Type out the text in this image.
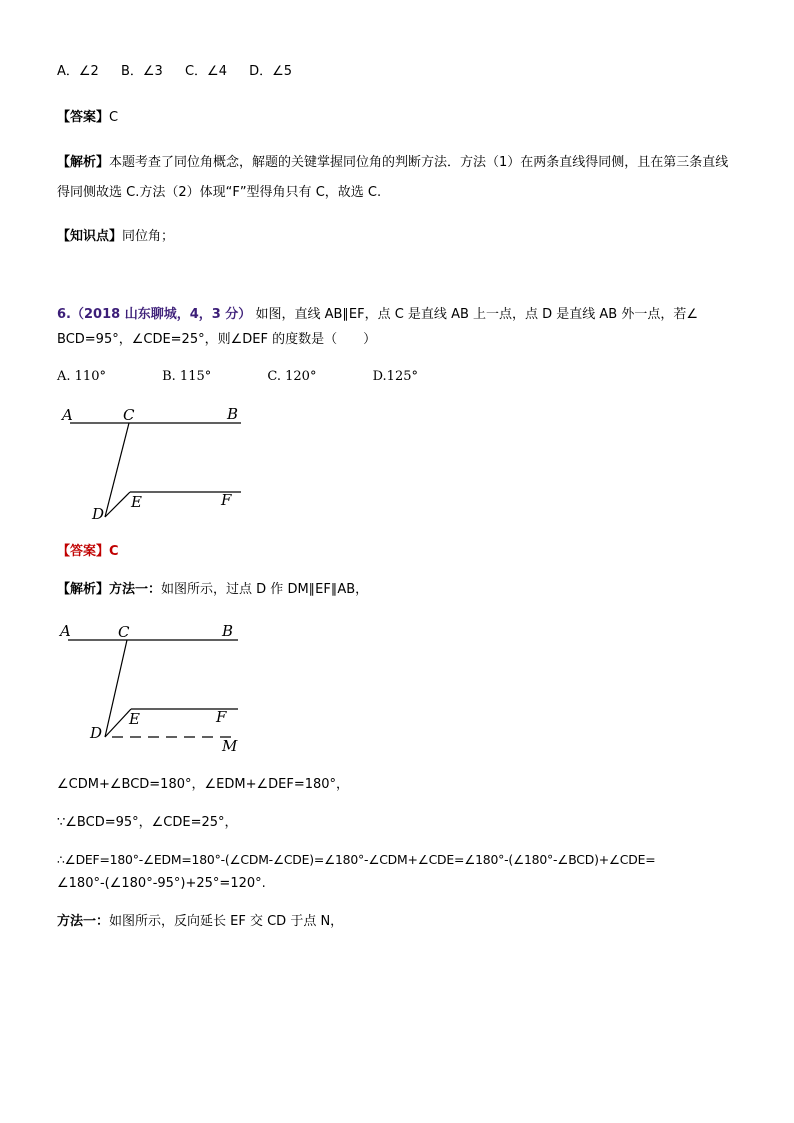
A．∠2 B．∠3 C．∠4 D．∠5
【答案】C
【解析】本题考查了同位角概念，解题的关键掌握同位角的判断方法．方法（1）在两条直线得同侧，且在第三条直线得同侧故选 C.方法（2）体现“F”型得角只有 C，故选 C.
【知识点】同位角；
6.（2018 山东聊城，4，3 分） 如图，直线 AB∥EF，点 C 是直线 AB 上一点，点 D 是直线 AB 外一点，若∠
BCD=95°，∠CDE=25°，则∠DEF 的度数是（　　）
A. 110°	B. 115°	C. 120°	D.125°
A	C	B
D
E	F
【答案】C
【解析】方法一：如图所示，过点 D 作 DM∥EF∥AB，
A	C	B
D
E	F
M
∠CDM+∠BCD=180°，∠EDM+∠DEF=180°，
∵∠BCD=95°，∠CDE=25°，
∴∠DEF=180°-∠EDM=180°-(∠CDM-∠CDE)=∠180°-∠CDM+∠CDE=∠180°-(∠180°-∠BCD)+∠CDE=
∠180°-(∠180°-95°)+25°=120°.
方法一：如图所示，反向延长 EF 交 CD 于点 N，
